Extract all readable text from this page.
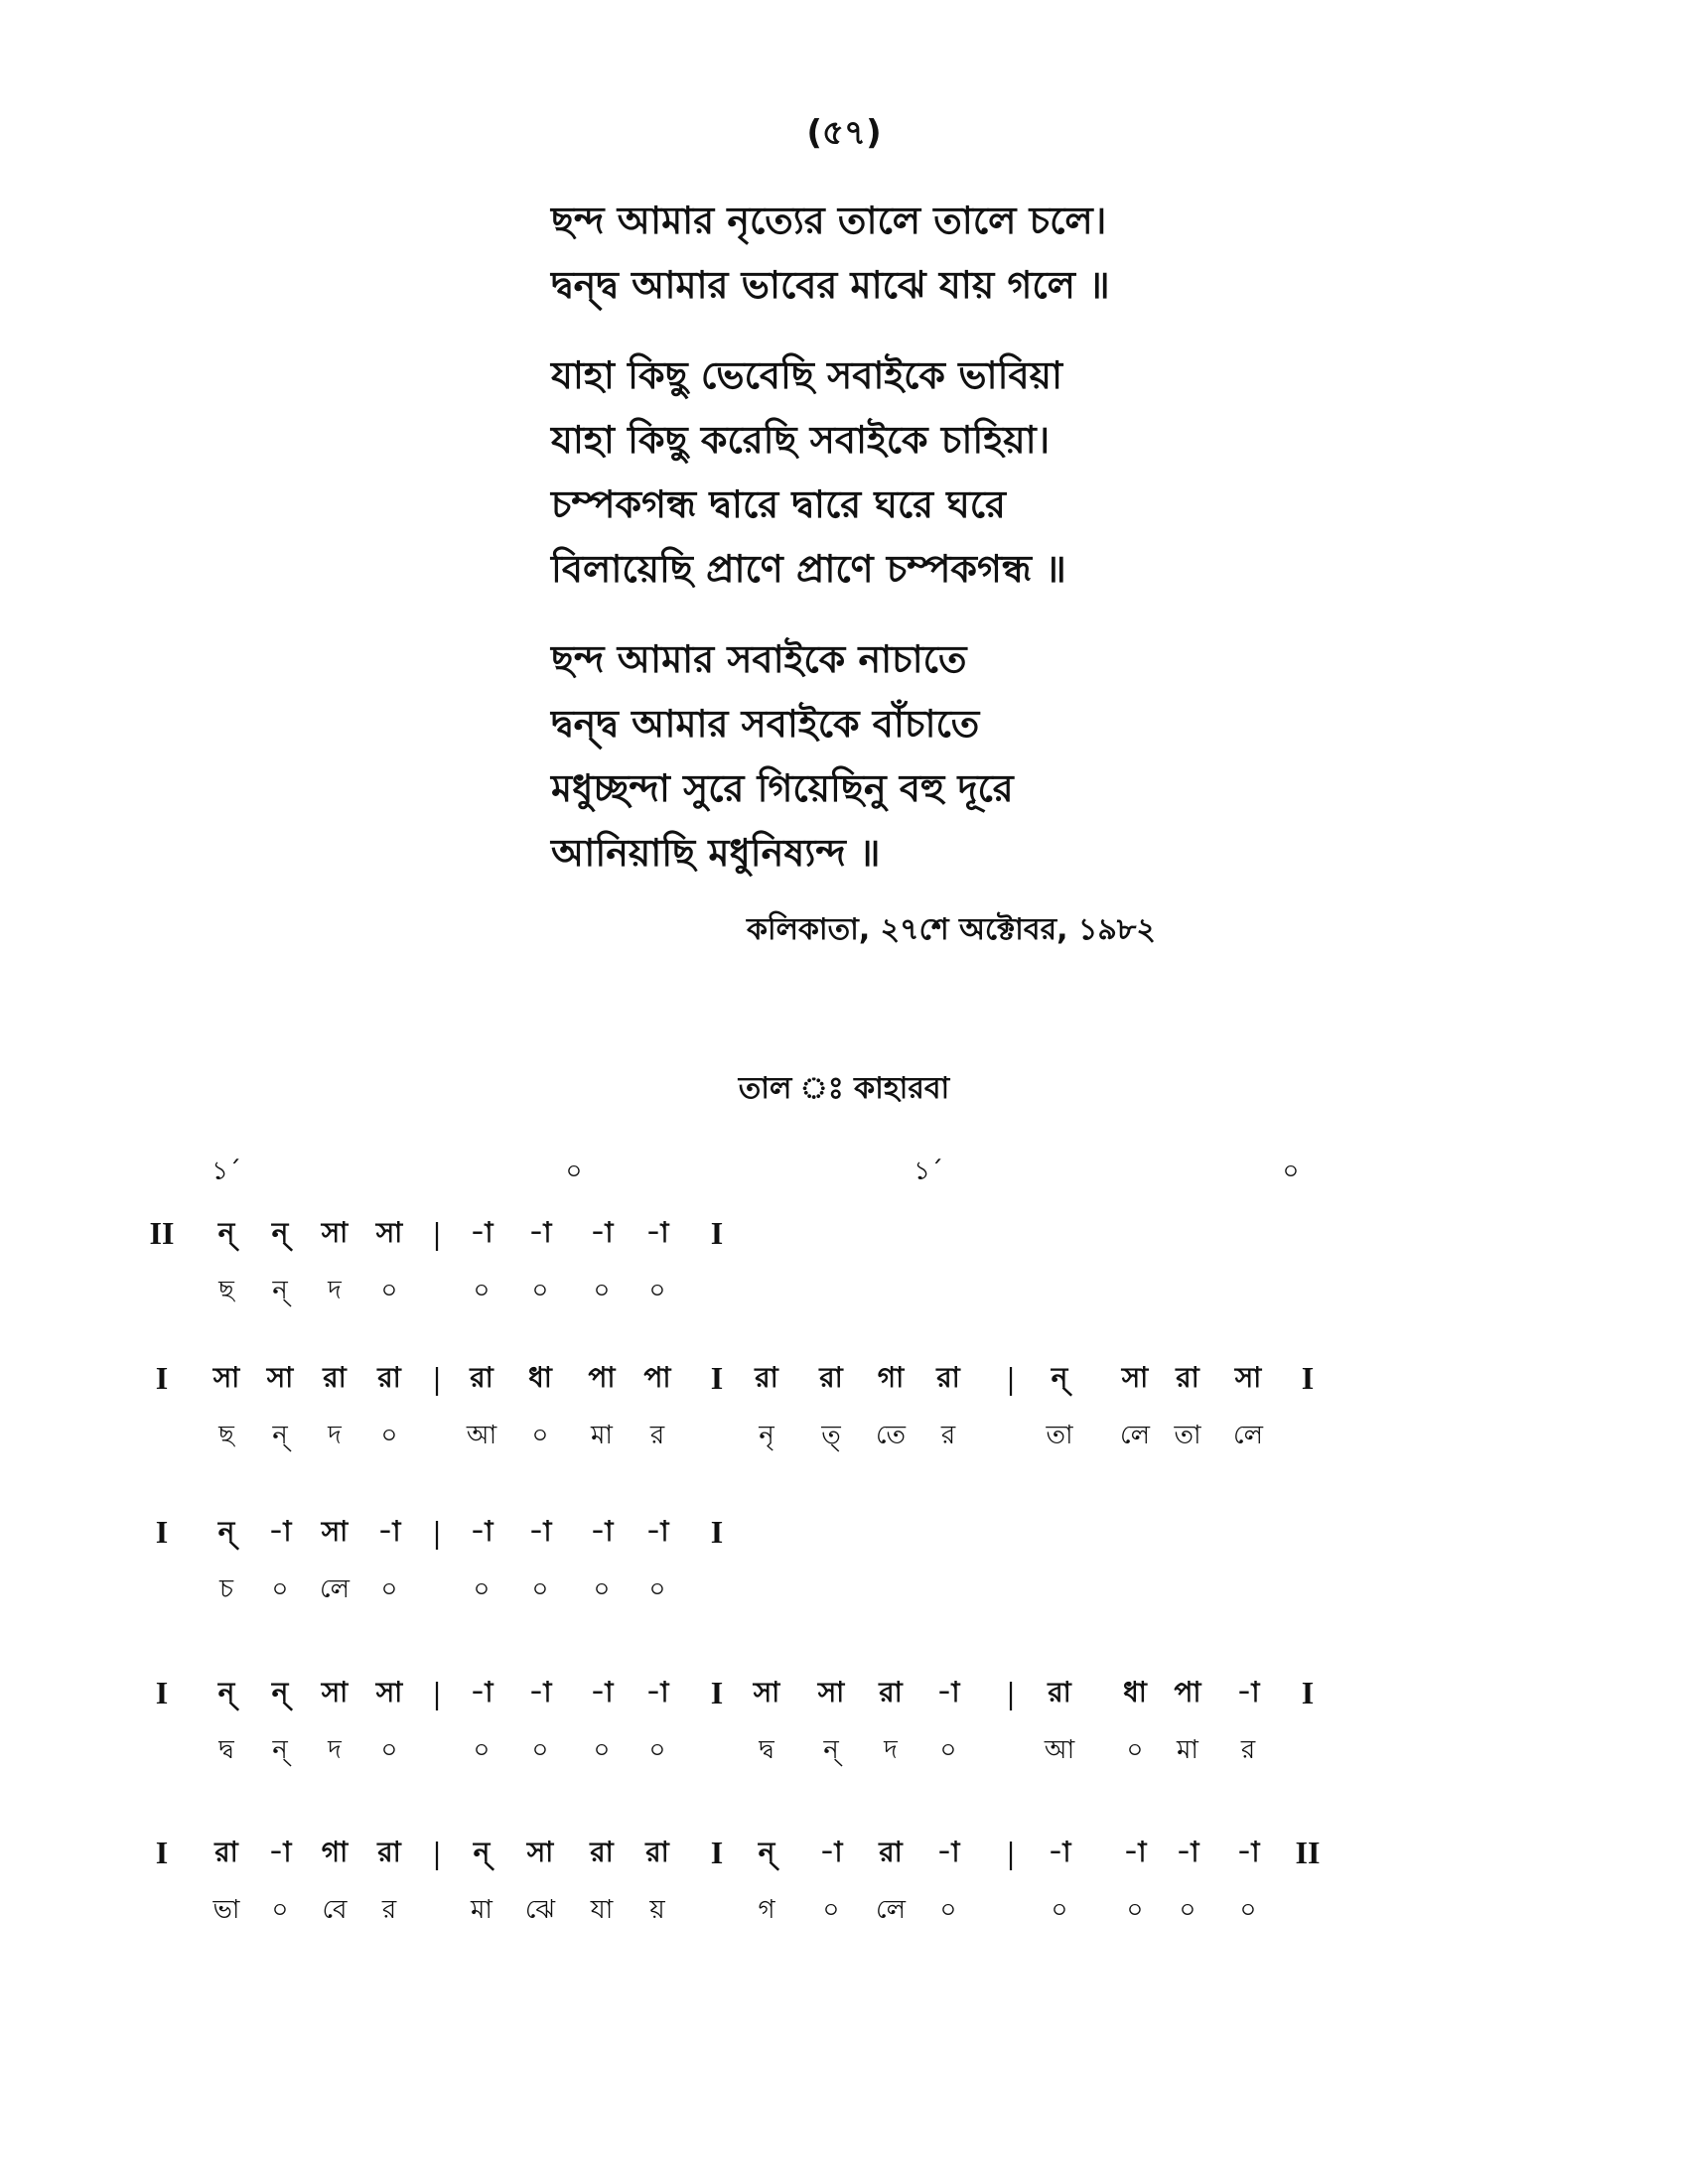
(৫৭)
ছন্দ আমার নৃত্যের তালে তালে চলে।
দ্বন্দ্ব আমার ভাবের মাঝে যায় গলে ॥
যাহা কিছু ভেবেছি সবাইকে ভাবিয়া
যাহা কিছু করেছি সবাইকে চাহিয়া।
চম্পকগন্ধ দ্বারে দ্বারে ঘরে ঘরে
বিলায়েছি প্রাণে প্রাণে চম্পকগন্ধ ॥
ছন্দ আমার সবাইকে নাচাতে
দ্বন্দ্ব আমার সবাইকে বাঁচাতে
মধুচ্ছন্দা সুরে গিয়েছিনু বহু দূরে
আনিয়াছি মধুনিষ্যন্দ ॥
কলিকাতা, ২৭শে অক্টোবর, ১৯৮২
তাল ঃ কাহারবা
১´	০	১´	০
II	ন্	ন্	সা	সা |	-া	-া	-া	-া	I
ছ	ন্	দ	০	০	০	০	০
I	সা সা	রা	রা	|	রা	ধা	পা	পা	I	রা	রা	গা	রা	|	ন্	সা রা	সা	I
ছ	ন্	দ	০	আ	০	মা	র	নৃ	ত্	তে	র	তা	লে তা	লে
I	ন্	-া	সা	-া	|	-া	-া	-া	-া	I
চ	০	লে	০	০	০	০	০
I	ন্	ন্	সা	সা |	-া	-া	-া	-া	I	সা	সা	রা	-া	|	রা	ধা পা	-া	I
দ্ব	ন্	দ	০	০	০	০	০	দ্ব	ন্	দ	০	আ	০	মা	র
I	রা	-া	গা	রা	|	ন্	সা	রা	রা	I	ন্	-া	রা	-া	|	-া	-া	-া	-া	II
ভা	০	বে	র	মা	ঝে	যা	য়	গ	০	লে	০	০	০	০	০
